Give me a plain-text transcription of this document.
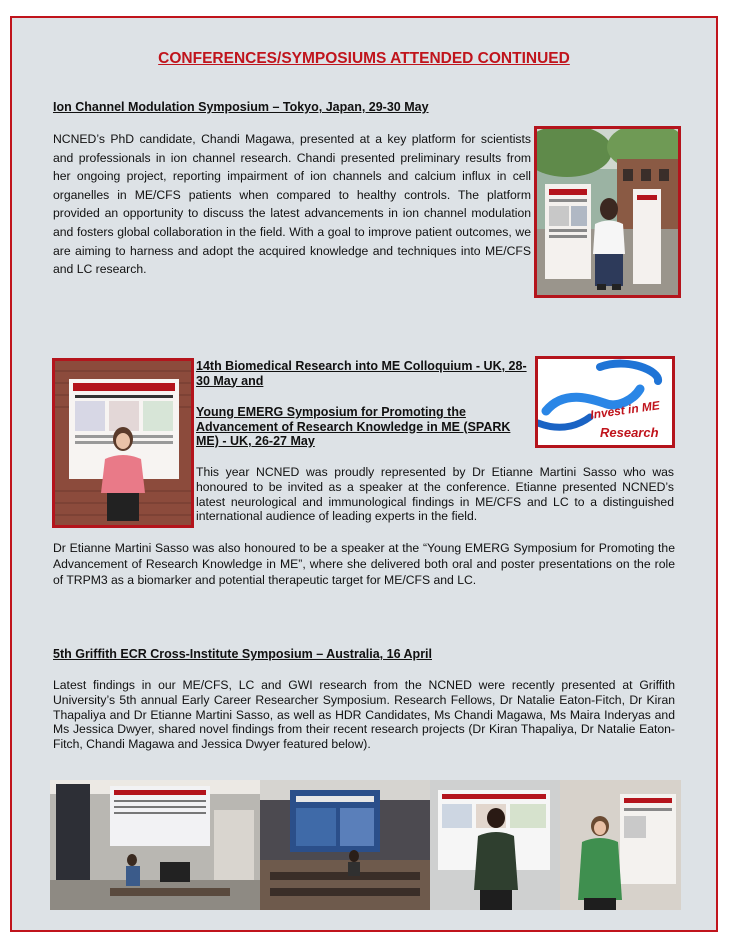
CONFERENCES/SYMPOSIUMS ATTENDED CONTINUED
Ion Channel Modulation Symposium – Tokyo, Japan, 29-30 May
NCNED’s PhD candidate, Chandi Magawa, presented at a key platform for scientists and professionals in ion channel research. Chandi presented preliminary results from her ongoing project, reporting impairment of ion channels and calcium influx in cell organelles in ME/CFS patients when compared to healthy controls. The platform provided an opportunity to discuss the latest advancements in ion channel modulation and fosters global collaboration in the field. With a goal to improve patient outcomes, we are aiming to harness and adopt the acquired knowledge and techniques into ME/CFS and LC research.
14th Biomedical Research into ME Colloquium - UK, 28-30 May and
Young EMERG Symposium for Promoting the Advancement of Research Knowledge in ME (SPARK ME) - UK, 26-27 May
Invest in ME
Research
This year NCNED was proudly represented by Dr Etianne Martini Sasso who was honoured to be invited as a speaker at the conference. Etianne presented NCNED’s latest neurological and immunological findings in ME/CFS and LC to a distinguished international audience of leading experts in the field.
Dr Etianne Martini Sasso was also honoured to be a speaker at the “Young EMERG Symposium for Promoting the Advancement of Research Knowledge in ME”, where she delivered both oral and poster presentations on the role of TRPM3 as a biomarker and potential therapeutic target for ME/CFS and LC.
5th Griffith ECR Cross-Institute Symposium – Australia, 16 April
Latest findings in our ME/CFS, LC and GWI research from the NCNED were recently presented at Griffith University’s 5th annual Early Career Researcher Symposium. Research Fellows, Dr Natalie Eaton-Fitch, Dr Kiran Thapaliya and Dr Etianne Martini Sasso, as well as HDR Candidates, Ms Chandi Magawa, Ms Maira Inderyas and Ms Jessica Dwyer, shared novel findings from their recent research projects (Dr Kiran Thapaliya, Dr Natalie Eaton-Fitch, Chandi Magawa and Jessica Dwyer featured below).
